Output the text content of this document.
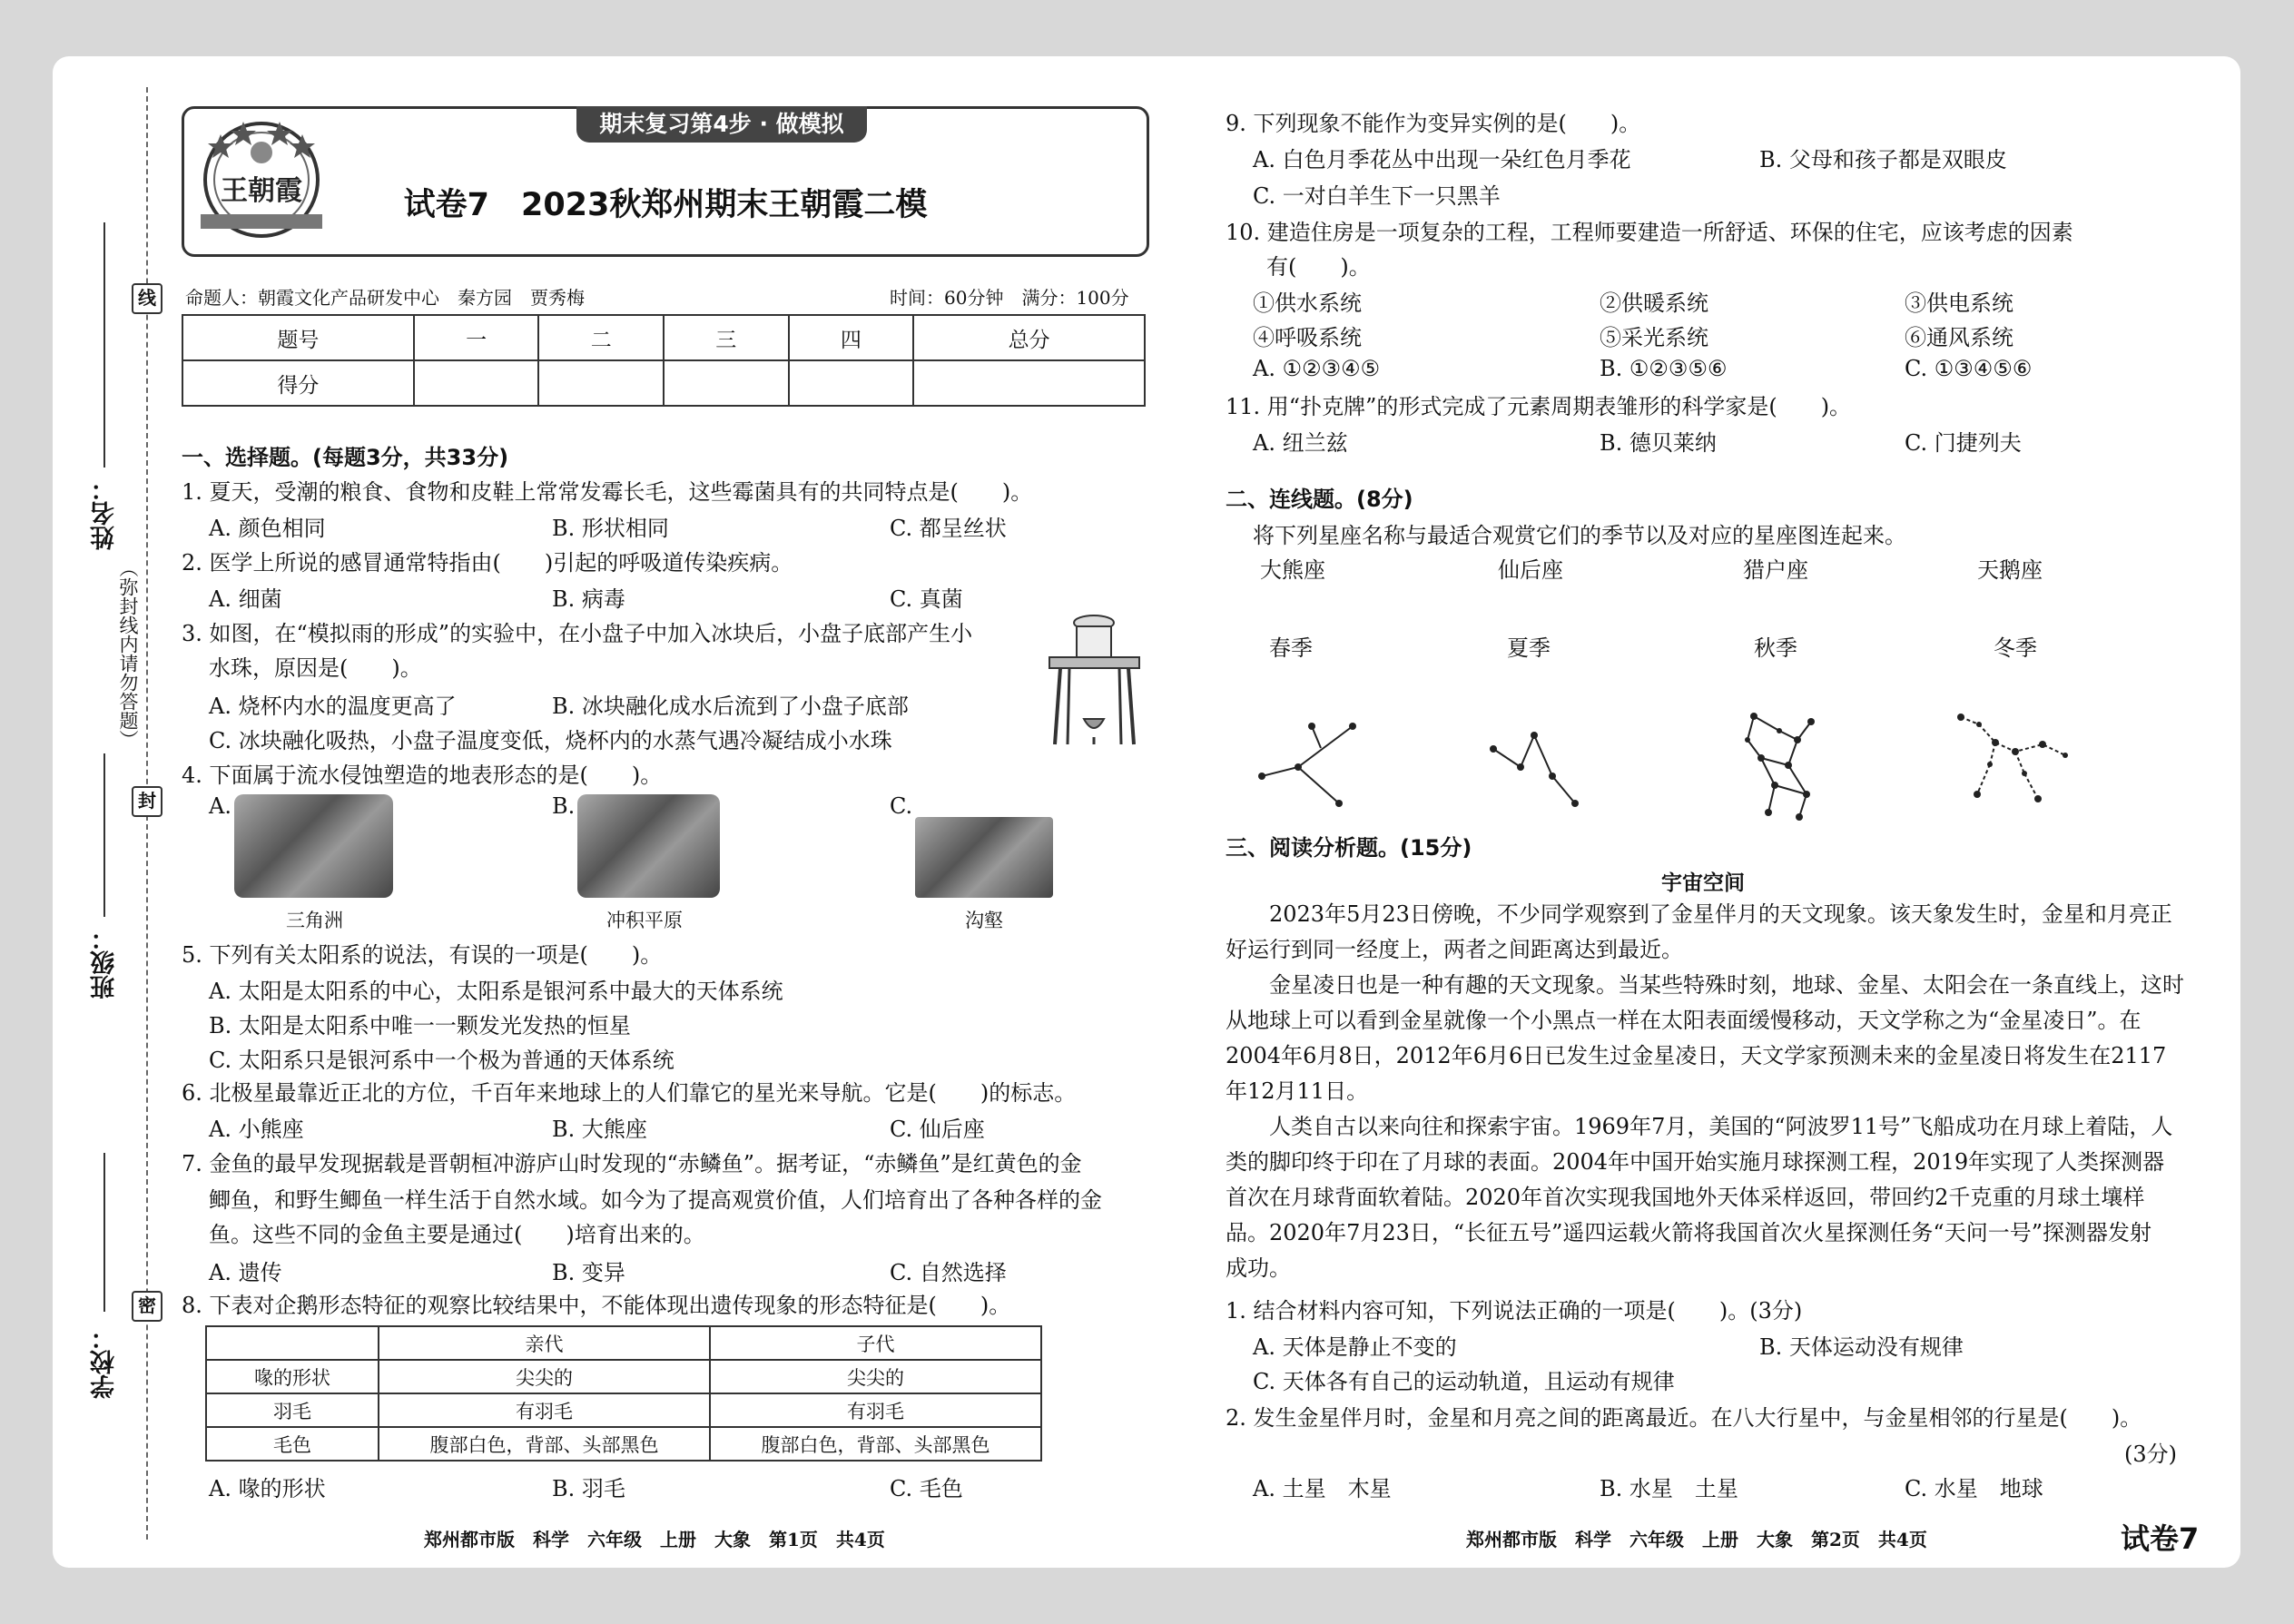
学校：
班级：
姓名：
线
封
密
（弥封线内请勿答题）
王朝霞
期末复习第4步 · 做模拟
试卷7　2023秋郑州期末王朝霞二模
命题人：朝霞文化产品研发中心　秦方园　贾秀梅	时间：60分钟　满分：100分
题号	一	二	三	四	总分
得分					
一、选择题。(每题3分，共33分)
1. 夏天，受潮的粮食、食物和皮鞋上常常发霉长毛，这些霉菌具有的共同特点是(　　)。
A. 颜色相同	B. 形状相同	C. 都呈丝状
2. 医学上所说的感冒通常特指由(　　)引起的呼吸道传染疾病。
A. 细菌	B. 病毒	C. 真菌
3. 如图，在“模拟雨的形成”的实验中，在小盘子中加入冰块后，小盘子底部产生小
水珠，原因是(　　)。
A. 烧杯内水的温度更高了	B. 冰块融化成水后流到了小盘子底部
C. 冰块融化吸热，小盘子温度变低，烧杯内的水蒸气遇冷凝结成小水珠
4. 下面属于流水侵蚀塑造的地表形态的是(　　)。
A.
三角洲
B.
冲积平原
C.
沟壑
5. 下列有关太阳系的说法，有误的一项是(　　)。
A. 太阳是太阳系的中心，太阳系是银河系中最大的天体系统
B. 太阳是太阳系中唯一一颗发光发热的恒星
C. 太阳系只是银河系中一个极为普通的天体系统
6. 北极星最靠近正北的方位，千百年来地球上的人们靠它的星光来导航。它是(　　)的标志。
A. 小熊座	B. 大熊座	C. 仙后座
7. 金鱼的最早发现据载是晋朝桓冲游庐山时发现的“赤鳞鱼”。据考证，“赤鳞鱼”是红黄色的金
鲫鱼，和野生鲫鱼一样生活于自然水域。如今为了提高观赏价值，人们培育出了各种各样的金
鱼。这些不同的金鱼主要是通过(　　)培育出来的。
A. 遗传	B. 变异	C. 自然选择
8. 下表对企鹅形态特征的观察比较结果中，不能体现出遗传现象的形态特征是(　　)。
	亲代	子代
喙的形状	尖尖的	尖尖的
羽毛	有羽毛	有羽毛
毛色	腹部白色，背部、头部黑色	腹部白色，背部、头部黑色
A. 喙的形状	B. 羽毛	C. 毛色
郑州都市版　科学　六年级　上册　大象　第1页　共4页
9. 下列现象不能作为变异实例的是(　　)。
A. 白色月季花丛中出现一朵红色月季花	B. 父母和孩子都是双眼皮
C. 一对白羊生下一只黑羊
10. 建造住房是一项复杂的工程，工程师要建造一所舒适、环保的住宅，应该考虑的因素
有(　　)。
①供水系统	②供暖系统	③供电系统
④呼吸系统	⑤采光系统	⑥通风系统
A. ①②③④⑤	B. ①②③⑤⑥	C. ①③④⑤⑥
11. 用“扑克牌”的形式完成了元素周期表雏形的科学家是(　　)。
A. 纽兰兹	B. 德贝莱纳	C. 门捷列夫
二、连线题。(8分)
将下列星座名称与最适合观赏它们的季节以及对应的星座图连起来。
大熊座	仙后座	猎户座	天鹅座
春季	夏季	秋季	冬季
三、阅读分析题。(15分)
宇宙空间
2023年5月23日傍晚，不少同学观察到了金星伴月的天文现象。该天象发生时，金星和月亮正
好运行到同一经度上，两者之间距离达到最近。
金星凌日也是一种有趣的天文现象。当某些特殊时刻，地球、金星、太阳会在一条直线上，这时
从地球上可以看到金星就像一个小黑点一样在太阳表面缓慢移动，天文学称之为“金星凌日”。在
2004年6月8日，2012年6月6日已发生过金星凌日，天文学家预测未来的金星凌日将发生在2117
年12月11日。
人类自古以来向往和探索宇宙。1969年7月，美国的“阿波罗11号”飞船成功在月球上着陆，人
类的脚印终于印在了月球的表面。2004年中国开始实施月球探测工程，2019年实现了人类探测器
首次在月球背面软着陆。2020年首次实现我国地外天体采样返回，带回约2千克重的月球土壤样
品。2020年7月23日，“长征五号”遥四运载火箭将我国首次火星探测任务“天问一号”探测器发射
成功。
1. 结合材料内容可知，下列说法正确的一项是(　　)。(3分)
A. 天体是静止不变的	B. 天体运动没有规律
C. 天体各有自己的运动轨道，且运动有规律
2. 发生金星伴月时，金星和月亮之间的距离最近。在八大行星中，与金星相邻的行星是(　　)。
(3分)
A. 土星　木星	B. 水星　土星	C. 水星　地球
郑州都市版　科学　六年级　上册　大象　第2页　共4页	试卷7
